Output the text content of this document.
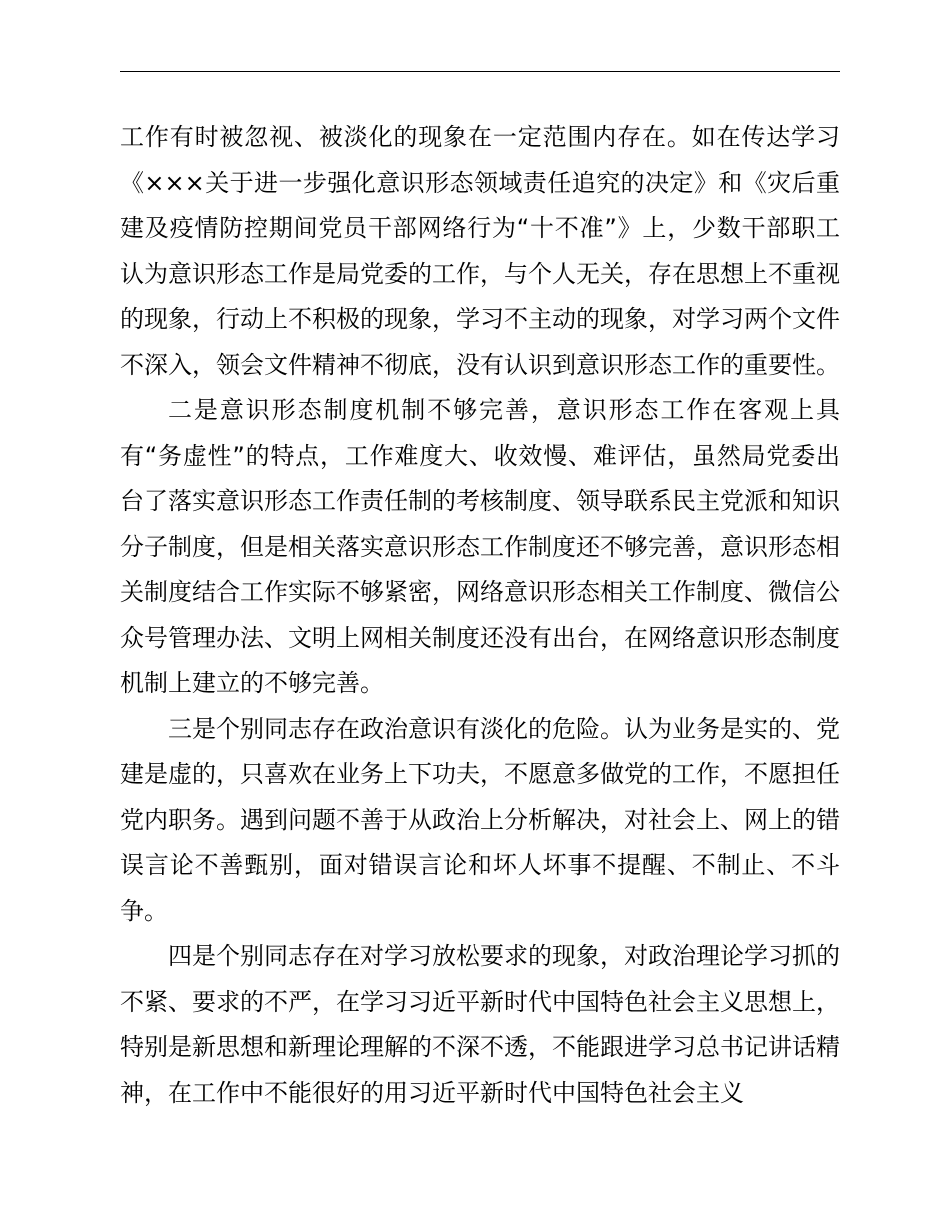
工作有时被忽视、被淡化的现象在一定范围内存在。如在传达学习《×××关于进一步强化意识形态领域责任追究的决定》和《灾后重建及疫情防控期间党员干部网络行为“十不准”》上，少数干部职工认为意识形态工作是局党委的工作，与个人无关，存在思想上不重视的现象，行动上不积极的现象，学习不主动的现象，对学习两个文件不深入，领会文件精神不彻底，没有认识到意识形态工作的重要性。

二是意识形态制度机制不够完善，意识形态工作在客观上具有“务虚性”的特点，工作难度大、收效慢、难评估，虽然局党委出台了落实意识形态工作责任制的考核制度、领导联系民主党派和知识分子制度，但是相关落实意识形态工作制度还不够完善，意识形态相关制度结合工作实际不够紧密，网络意识形态相关工作制度、微信公众号管理办法、文明上网相关制度还没有出台，在网络意识形态制度机制上建立的不够完善。

三是个别同志存在政治意识有淡化的危险。认为业务是实的、党建是虚的，只喜欢在业务上下功夫，不愿意多做党的工作，不愿担任党内职务。遇到问题不善于从政治上分析解决，对社会上、网上的错误言论不善甄别，面对错误言论和坏人坏事不提醒、不制止、不斗争。

四是个别同志存在对学习放松要求的现象，对政治理论学习抓的不紧、要求的不严，在学习习近平新时代中国特色社会主义思想上，特别是新思想和新理论理解的不深不透，不能跟进学习总书记讲话精神，在工作中不能很好的用习近平新时代中国特色社会主义
